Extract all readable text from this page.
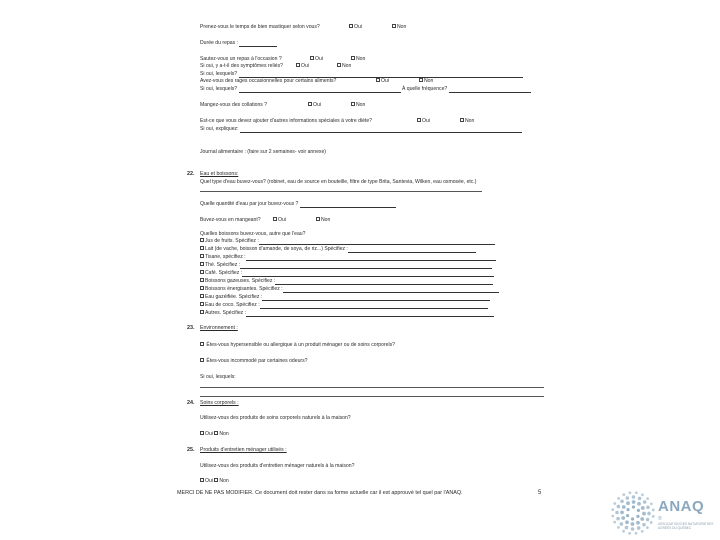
Prenez-vous le temps de bien mastiquer selon vous?	Oui	Non
Durée du repas :
Sautez-vous un repas à l'occasion ?	Oui	Non
Si oui, y a-t-il des symptômes reliés?	Oui	Non
Si oui, lesquels?
Avez-vous des rages occasionnelles pour certains aliments?	Oui	Non
Si oui, lesquels?	À quelle fréquence?
Mangez-vous des collations ?	Oui	Non
Est-ce que vous devez ajouter d'autres informations spéciales à votre diète?	Oui	Non
Si oui, expliquez:
Journal alimentaire : (faire sur 2 semaines- voir annexe)
22. Eau et boissons:
Quel type d'eau buvez-vous? (robinet, eau de source en bouteille, filtre de type Brita, Santevia, Wilken, eau osmosée, etc.)
Quelle quantité d'eau par jour buvez-vous ?
Buvez-vous en mangeant?	Oui	Non
Quelles boissons buvez-vous, autre que l'eau?
Jus de fruits. Spécifiez :
Lait (de vache, boisson d'amande, de soya, de riz...) Spécifiez :
Tisane, spécifiez :
Thé. Spécifiez :
Café. Spécifiez :
Boissons gazeuses. Spécifiez :
Boissons énergisantes. Spécifiez :
Eau gazéifiée. Spécifiez :
Eau de coco. Spécifiez :
Autres. Spécifiez :
23. Environnement :
Êtes-vous hypersensible ou allergique à un produit ménager ou de soins corporels?
Êtes-vous incommodé par certaines odeurs?
Si oui, lesquels:
24. Soins corporels :
Utilisez-vous des produits de soins corporels naturels à la maison?
Oui Non
25. Produits d'entretien ménager utilisés :
Utilisez-vous des produits d'entretien ménager naturels à la maison?
Oui Non
MERCI DE NE PAS MODIFIER. Ce document doit rester dans sa forme actuelle car il est approuvé tel quel par l'ANAQ.	5
ANAQ
®
ASSOCIATION DES NATUROPATHES
AGRÉÉS DU QUÉBEC
